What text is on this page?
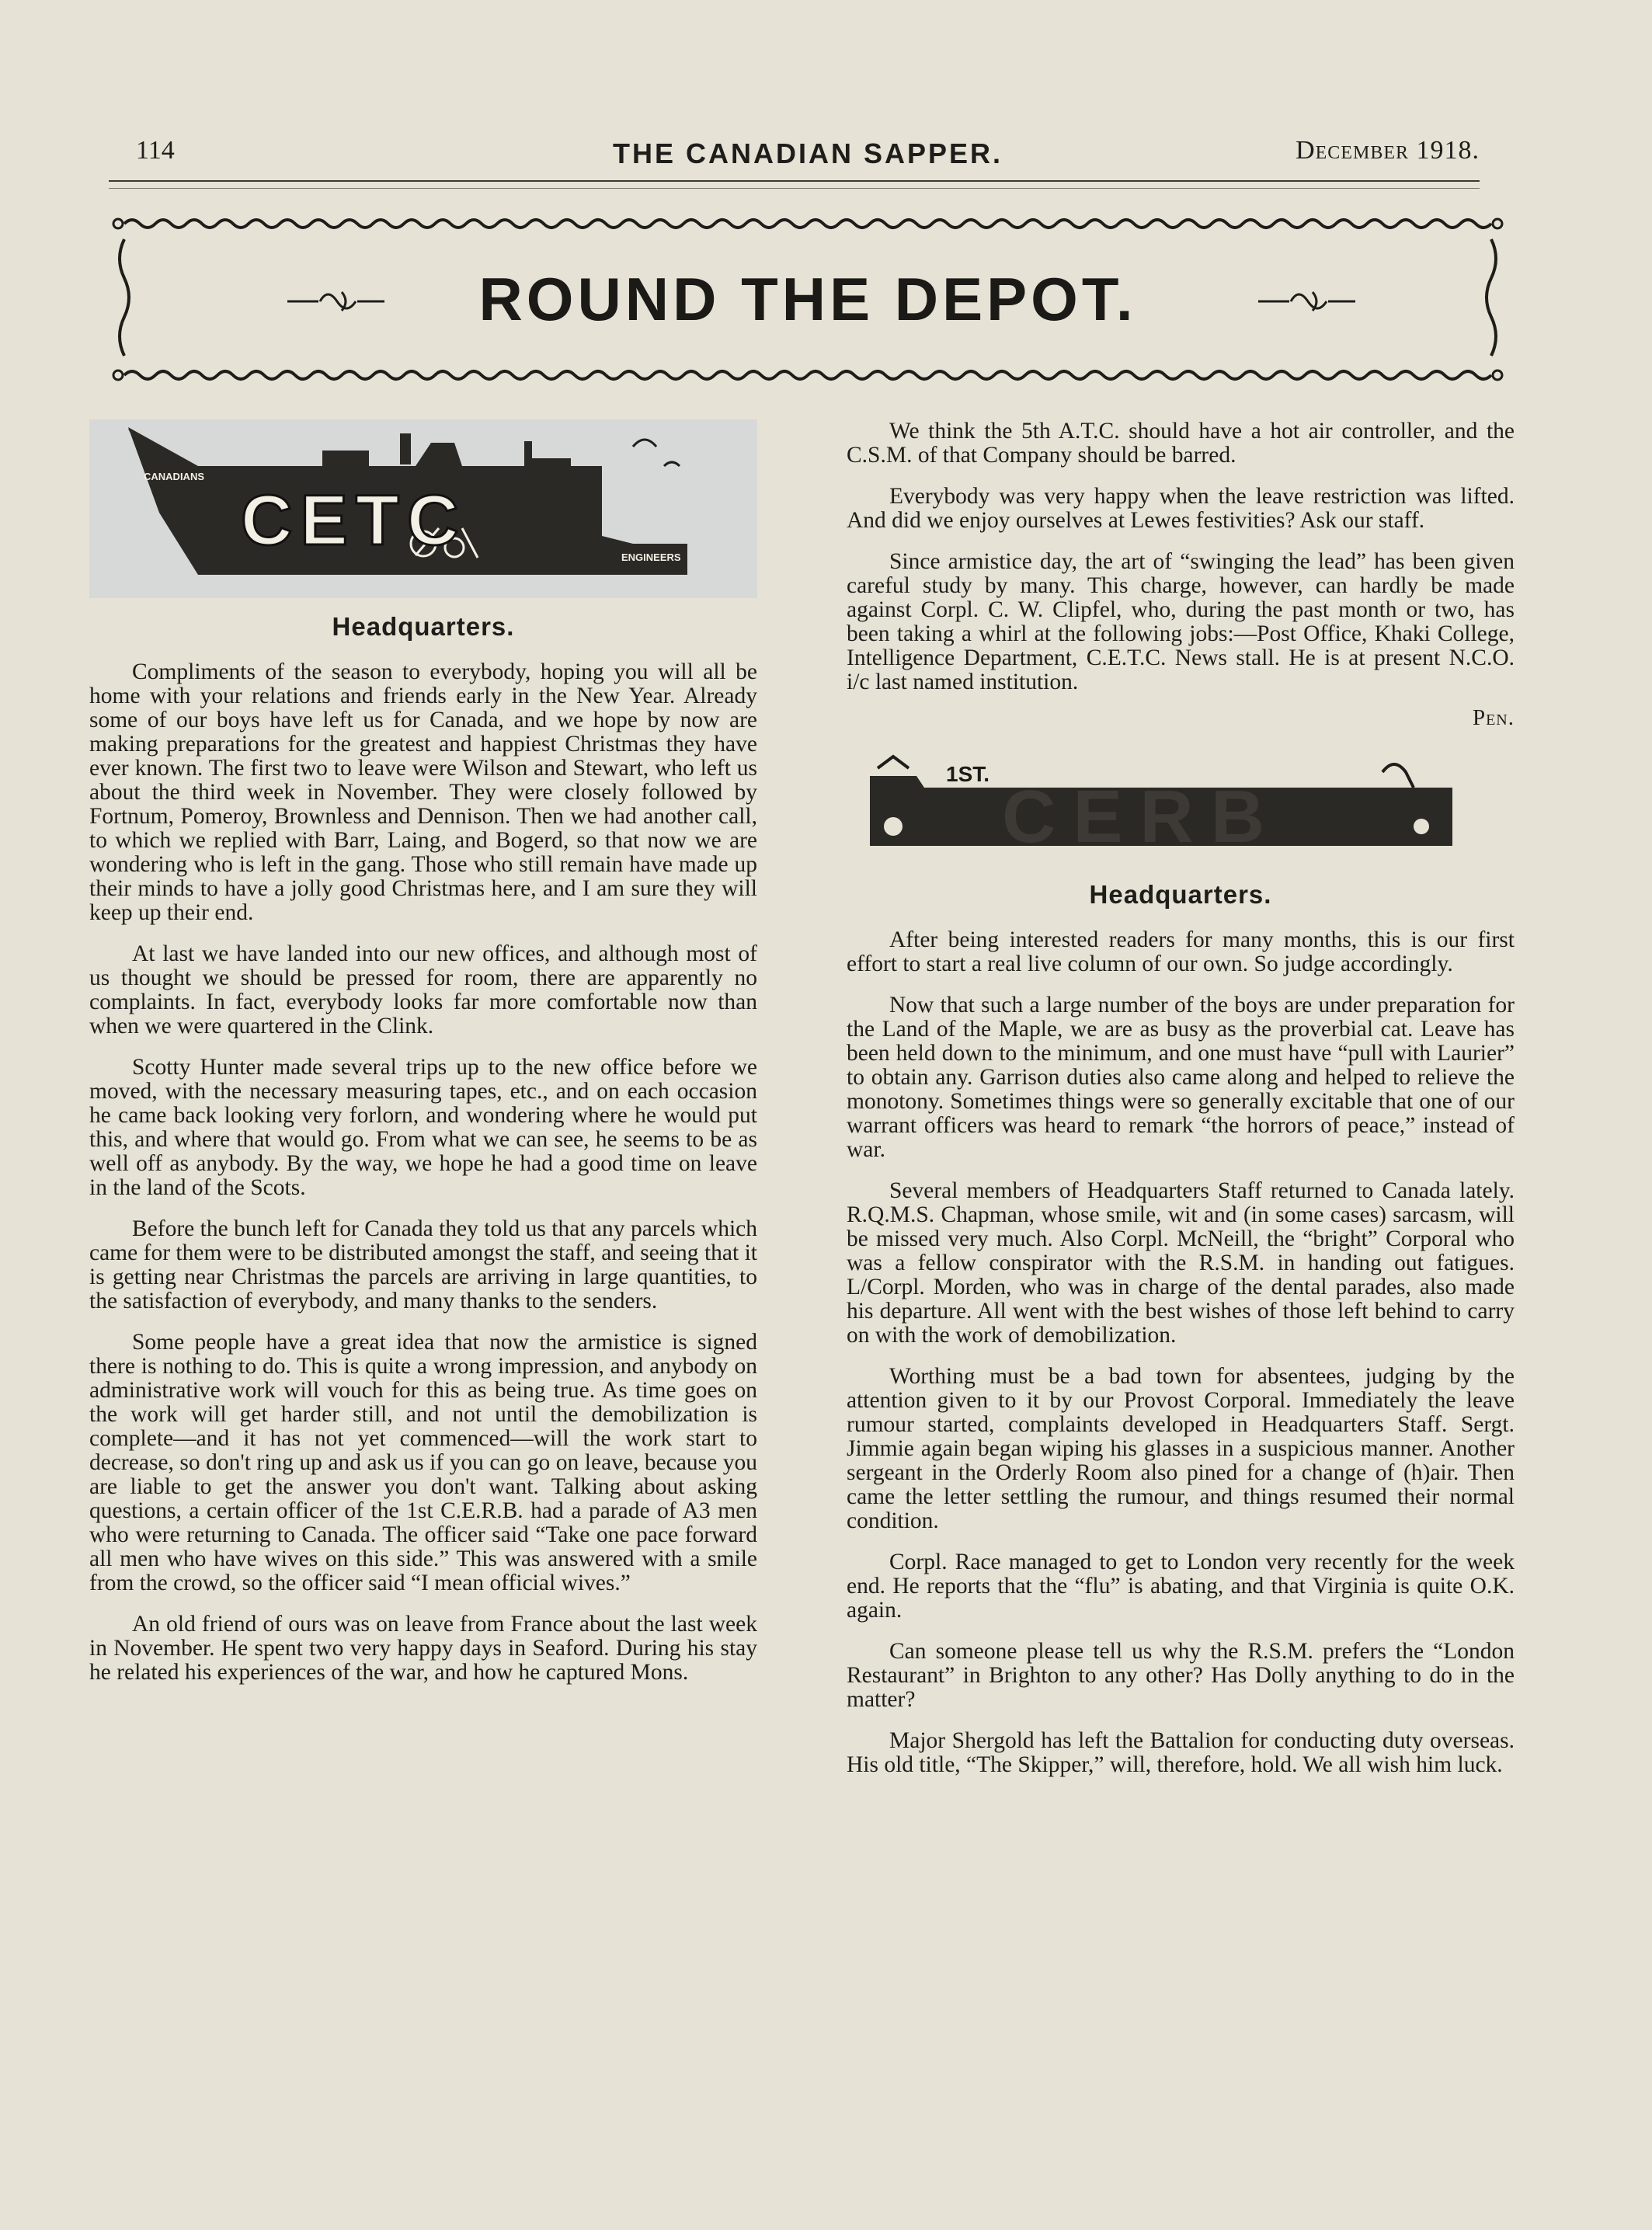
114	THE CANADIAN SAPPER.	December 1918.
ROUND THE DEPOT.
CANADIANS
ENGINEERS
CETC
Headquarters.

Compliments of the season to everybody, hoping you will all be home with your relations and friends early in the New Year. Already some of our boys have left us for Canada, and we hope by now are making preparations for the greatest and happiest Christmas they have ever known. The first two to leave were Wilson and Stewart, who left us about the third week in November. They were closely followed by Fortnum, Pomeroy, Brownless and Dennison. Then we had another call, to which we replied with Barr, Laing, and Bogerd, so that now we are wondering who is left in the gang. Those who still remain have made up their minds to have a jolly good Christmas here, and I am sure they will keep up their end.

At last we have landed into our new offices, and although most of us thought we should be pressed for room, there are apparently no complaints. In fact, everybody looks far more comfortable now than when we were quartered in the Clink.

Scotty Hunter made several trips up to the new office before we moved, with the necessary measuring tapes, etc., and on each occasion he came back looking very forlorn, and wondering where he would put this, and where that would go. From what we can see, he seems to be as well off as anybody. By the way, we hope he had a good time on leave in the land of the Scots.

Before the bunch left for Canada they told us that any parcels which came for them were to be distributed amongst the staff, and seeing that it is getting near Christmas the parcels are arriving in large quantities, to the satisfaction of everybody, and many thanks to the senders.

Some people have a great idea that now the armistice is signed there is nothing to do. This is quite a wrong impression, and anybody on administrative work will vouch for this as being true. As time goes on the work will get harder still, and not until the demobilization is complete—and it has not yet commenced—will the work start to decrease, so don't ring up and ask us if you can go on leave, because you are liable to get the answer you don't want. Talking about asking questions, a certain officer of the 1st C.E.R.B. had a parade of A3 men who were returning to Canada. The officer said “Take one pace forward all men who have wives on this side.” This was answered with a smile from the crowd, so the officer said “I mean official wives.”

An old friend of ours was on leave from France about the last week in November. He spent two very happy days in Seaford. During his stay he related his experiences of the war, and how he captured Mons.

We think the 5th A.T.C. should have a hot air controller, and the C.S.M. of that Company should be barred.

Everybody was very happy when the leave restriction was lifted. And did we enjoy ourselves at Lewes festivities? Ask our staff.

Since armistice day, the art of “swinging the lead” has been given careful study by many. This charge, however, can hardly be made against Corpl. C. W. Clipfel, who, during the past month or two, has been taking a whirl at the following jobs:—Post Office, Khaki College, Intelligence Department, C.E.T.C. News stall. He is at present N.C.O. i/c last named institution.

Pen.
1ST.
CERB
Headquarters.

After being interested readers for many months, this is our first effort to start a real live column of our own. So judge accordingly.

Now that such a large number of the boys are under preparation for the Land of the Maple, we are as busy as the proverbial cat. Leave has been held down to the minimum, and one must have “pull with Laurier” to obtain any. Garrison duties also came along and helped to relieve the monotony. Sometimes things were so generally excitable that one of our warrant officers was heard to remark “the horrors of peace,” instead of war.

Several members of Headquarters Staff returned to Canada lately. R.Q.M.S. Chapman, whose smile, wit and (in some cases) sarcasm, will be missed very much. Also Corpl. McNeill, the “bright” Corporal who was a fellow conspirator with the R.S.M. in handing out fatigues. L/Corpl. Morden, who was in charge of the dental parades, also made his departure. All went with the best wishes of those left behind to carry on with the work of demobilization.

Worthing must be a bad town for absentees, judging by the attention given to it by our Provost Corporal. Immediately the leave rumour started, complaints developed in Headquarters Staff. Sergt. Jimmie again began wiping his glasses in a suspicious manner. Another sergeant in the Orderly Room also pined for a change of (h)air. Then came the letter settling the rumour, and things resumed their normal condition.

Corpl. Race managed to get to London very recently for the week end. He reports that the “flu” is abating, and that Virginia is quite O.K. again.

Can someone please tell us why the R.S.M. prefers the “London Restaurant” in Brighton to any other? Has Dolly anything to do in the matter?

Major Shergold has left the Battalion for conducting duty overseas. His old title, “The Skipper,” will, therefore, hold. We all wish him luck.
